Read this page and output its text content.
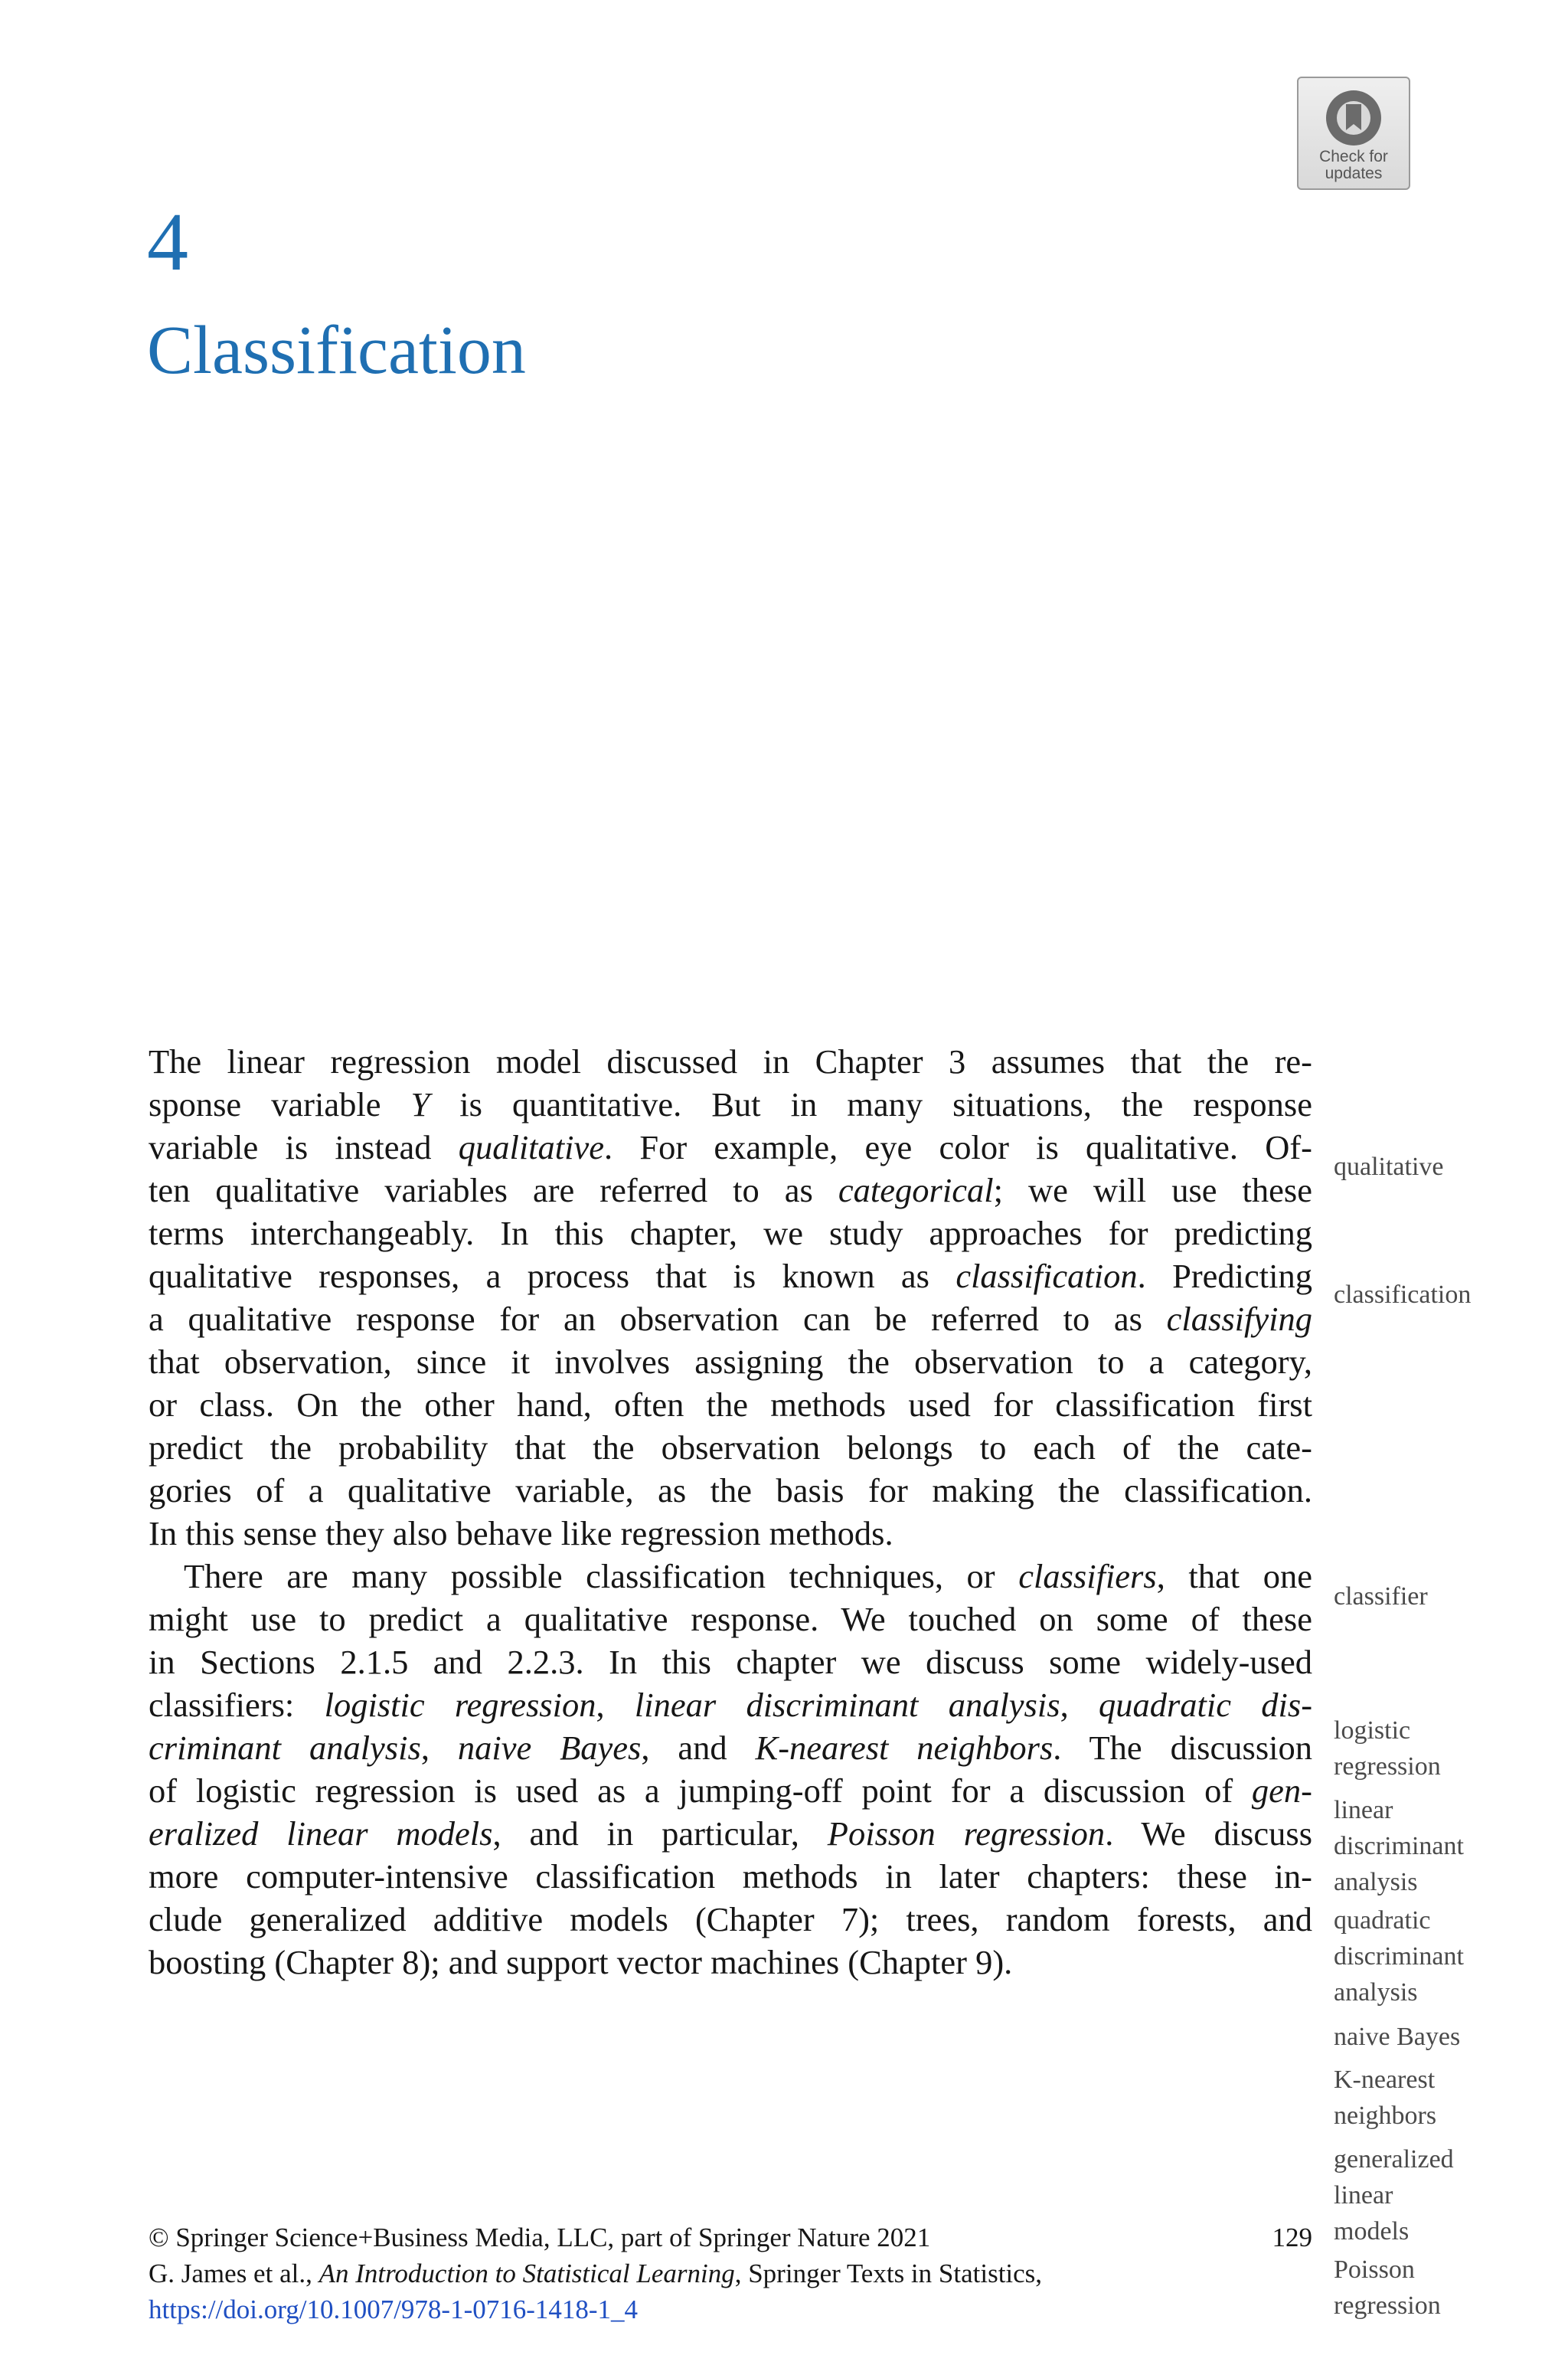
Check for
updates
4
Classification
The linear regression model discussed in Chapter 3 assumes that the re-
sponse variable Y is quantitative. But in many situations, the response
variable is instead qualitative. For example, eye color is qualitative. Of-
ten qualitative variables are referred to as categorical; we will use these
terms interchangeably. In this chapter, we study approaches for predicting
qualitative responses, a process that is known as classification. Predicting
a qualitative response for an observation can be referred to as classifying
that observation, since it involves assigning the observation to a category,
or class. On the other hand, often the methods used for classification first
predict the probability that the observation belongs to each of the cate-
gories of a qualitative variable, as the basis for making the classification.
In this sense they also behave like regression methods.
There are many possible classification techniques, or classifiers, that one
might use to predict a qualitative response. We touched on some of these
in Sections 2.1.5 and 2.2.3. In this chapter we discuss some widely-used
classifiers: logistic regression, linear discriminant analysis, quadratic dis-
criminant analysis, naive Bayes, and K-nearest neighbors. The discussion
of logistic regression is used as a jumping-off point for a discussion of gen-
eralized linear models, and in particular, Poisson regression. We discuss
more computer-intensive classification methods in later chapters: these in-
clude generalized additive models (Chapter 7); trees, random forests, and
boosting (Chapter 8); and support vector machines (Chapter 9).
qualitative
classification
classifier
logistic
regression
linear
discriminant
analysis
quadratic
discriminant
analysis
naive Bayes
K-nearest
neighbors
generalized
linear
models
Poisson
regression
© Springer Science+Business Media, LLC, part of Springer Nature 2021	129
G. James et al., An Introduction to Statistical Learning, Springer Texts in Statistics,
https://doi.org/10.1007/978-1-0716-1418-1_4
